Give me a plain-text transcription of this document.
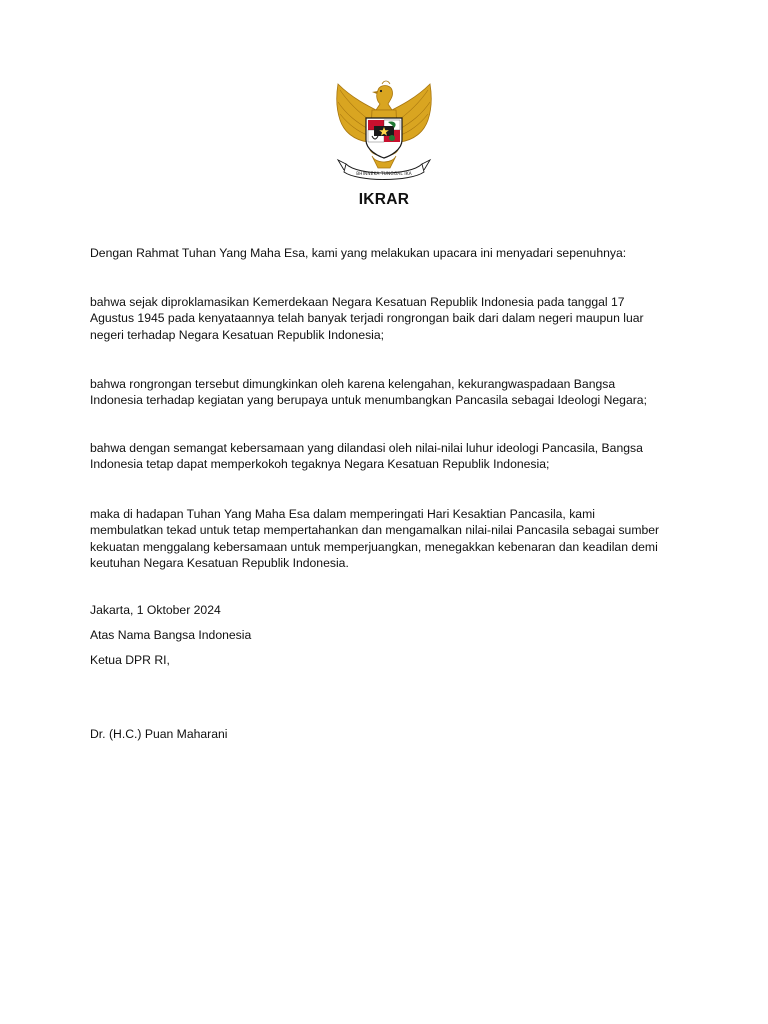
BHINNEKA TUNGGAL IKA
IKRAR

Dengan Rahmat Tuhan Yang Maha Esa, kami yang melakukan upacara ini menyadari sepenuhnya:

bahwa sejak diproklamasikan Kemerdekaan Negara Kesatuan Republik Indonesia pada tanggal 17 Agustus 1945 pada kenyataannya telah banyak terjadi rongrongan baik dari dalam negeri maupun luar negeri terhadap Negara Kesatuan Republik Indonesia;

bahwa rongrongan tersebut dimungkinkan oleh karena kelengahan, kekurangwaspadaan Bangsa Indonesia terhadap kegiatan yang berupaya untuk menumbangkan Pancasila sebagai Ideologi Negara;

bahwa dengan semangat kebersamaan yang dilandasi oleh nilai-nilai luhur ideologi Pancasila, Bangsa Indonesia tetap dapat memperkokoh tegaknya Negara Kesatuan Republik Indonesia;

maka di hadapan Tuhan Yang Maha Esa dalam memperingati Hari Kesaktian Pancasila, kami membulatkan tekad untuk tetap mempertahankan dan mengamalkan nilai-nilai Pancasila sebagai sumber kekuatan menggalang kebersamaan untuk memperjuangkan, menegakkan kebenaran dan keadilan demi keutuhan Negara Kesatuan Republik Indonesia.

Jakarta, 1 Oktober 2024

Atas Nama Bangsa Indonesia

Ketua DPR RI,

Dr. (H.C.) Puan Maharani
